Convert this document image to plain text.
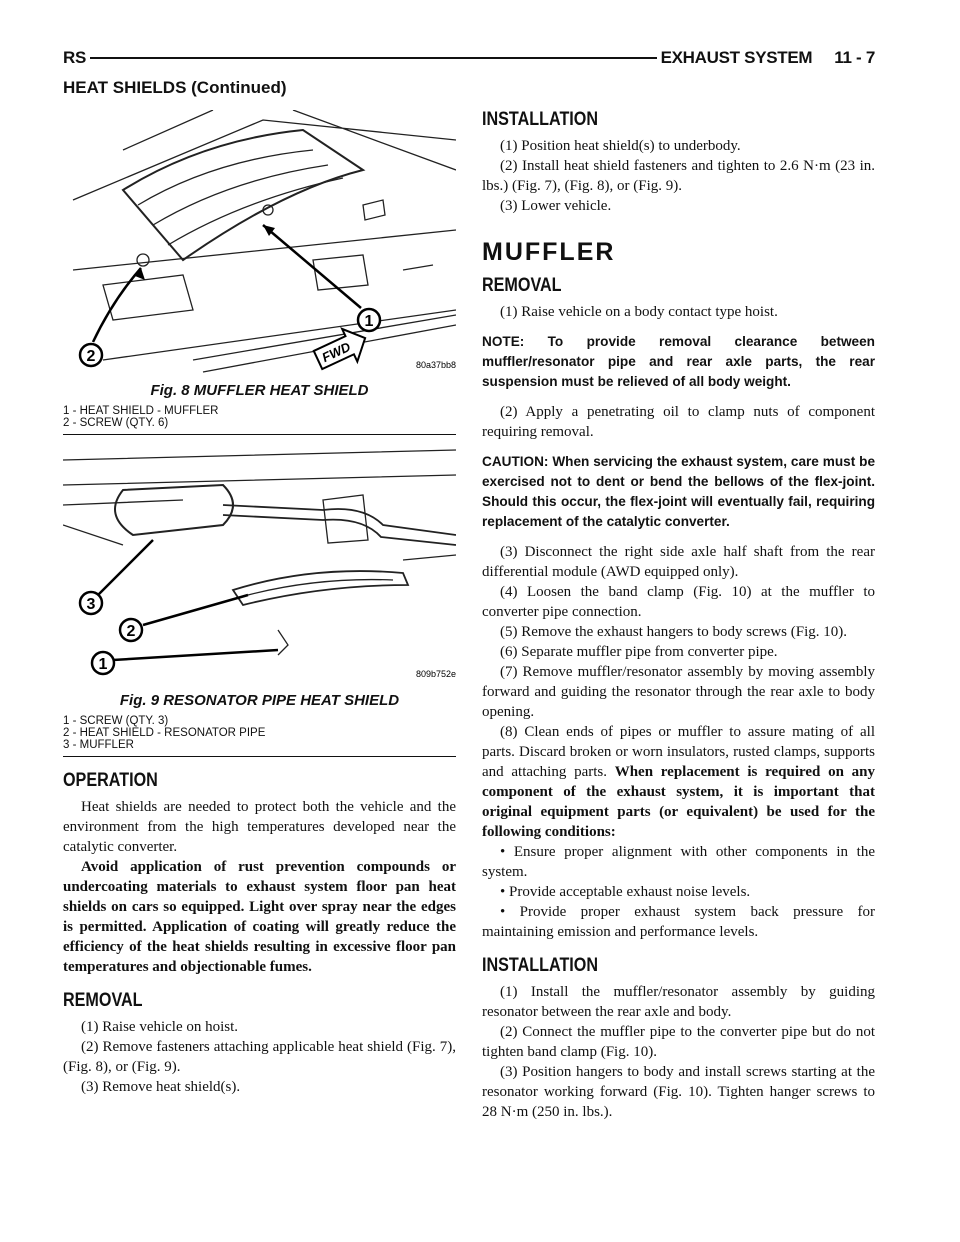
RS	EXHAUST SYSTEM 11 - 7
HEAT SHIELDS (Continued)
2
1
FWD	80a37bb8
Fig. 8 MUFFLER HEAT SHIELD
1 - HEAT SHIELD - MUFFLER
2 - SCREW (QTY. 6)
3
2
1
809b752e
Fig. 9 RESONATOR PIPE HEAT SHIELD
1 - SCREW (QTY. 3)
2 - HEAT SHIELD - RESONATOR PIPE
3 - MUFFLER
OPERATION

Heat shields are needed to protect both the vehicle and the environment from the high temperatures developed near the catalytic converter.

Avoid application of rust prevention compounds or undercoating materials to exhaust system floor pan heat shields on cars so equipped. Light over spray near the edges is permitted. Application of coating will greatly reduce the efficiency of the heat shields resulting in excessive floor pan temperatures and objectionable fumes.

REMOVAL

(1) Raise vehicle on hoist.

(2) Remove fasteners attaching applicable heat shield (Fig. 7), (Fig. 8), or (Fig. 9).

(3) Remove heat shield(s).

INSTALLATION

(1) Position heat shield(s) to underbody.

(2) Install heat shield fasteners and tighten to 2.6 N·m (23 in. lbs.) (Fig. 7), (Fig. 8), or (Fig. 9).

(3) Lower vehicle.

MUFFLER
REMOVAL

(1) Raise vehicle on a body contact type hoist.

NOTE: To provide removal clearance between muffler/resonator pipe and rear axle parts, the rear suspension must be relieved of all body weight.

(2) Apply a penetrating oil to clamp nuts of component requiring removal.

CAUTION: When servicing the exhaust system, care must be exercised not to dent or bend the bellows of the flex-joint. Should this occur, the flex-joint will eventually fail, requiring replacement of the catalytic converter.

(3) Disconnect the right side axle half shaft from the rear differential module (AWD equipped only).

(4) Loosen the band clamp (Fig. 10) at the muffler to converter pipe connection.

(5) Remove the exhaust hangers to body screws (Fig. 10).

(6) Separate muffler pipe from converter pipe.

(7) Remove muffler/resonator assembly by moving assembly forward and guiding the resonator through the rear axle to body opening.

(8) Clean ends of pipes or muffler to assure mating of all parts. Discard broken or worn insulators, rusted clamps, supports and attaching parts. When replacement is required on any component of the exhaust system, it is important that original equipment parts (or equivalent) be used for the following conditions:

• Ensure proper alignment with other components in the system.

• Provide acceptable exhaust noise levels.

• Provide proper exhaust system back pressure for maintaining emission and performance levels.

INSTALLATION

(1) Install the muffler/resonator assembly by guiding resonator between the rear axle and body.

(2) Connect the muffler pipe to the converter pipe but do not tighten band clamp (Fig. 10).

(3) Position hangers to body and install screws starting at the resonator working forward (Fig. 10). Tighten hanger screws to 28 N·m (250 in. lbs.).
